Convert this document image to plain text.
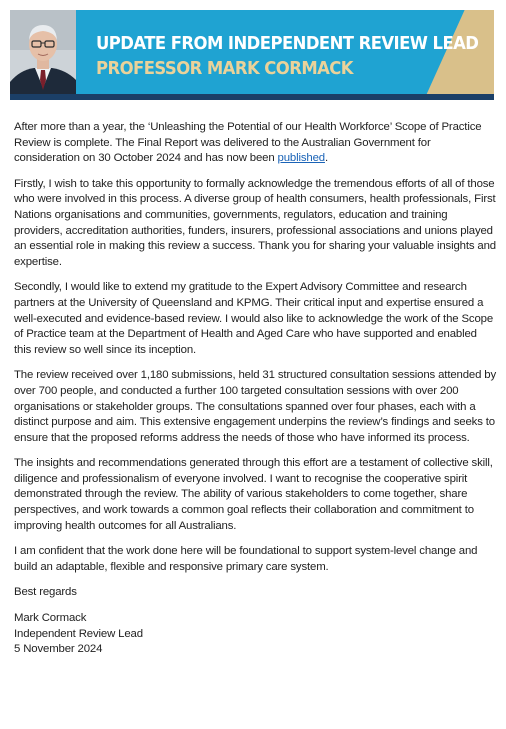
UPDATE FROM INDEPENDENT REVIEW LEAD
PROFESSOR MARK CORMACK

After more than a year, the ‘Unleashing the Potential of our Health Workforce’ Scope of Practice Review is complete. The Final Report was delivered to the Australian Government for consideration on 30 October 2024 and has now been published.

Firstly, I wish to take this opportunity to formally acknowledge the tremendous efforts of all of those who were involved in this process. A diverse group of health consumers, health professionals, First Nations organisations and communities, governments, regulators, education and training providers, accreditation authorities, funders, insurers, professional associations and unions played an essential role in making this review a success. Thank you for sharing your valuable insights and expertise.

Secondly, I would like to extend my gratitude to the Expert Advisory Committee and research partners at the University of Queensland and KPMG. Their critical input and expertise ensured a well-executed and evidence-based review. I would also like to acknowledge the work of the Scope of Practice team at the Department of Health and Aged Care who have supported and enabled this review so well since its inception.

The review received over 1,180 submissions, held 31 structured consultation sessions attended by over 700 people, and conducted a further 100 targeted consultation sessions with over 200 organisations or stakeholder groups. The consultations spanned over four phases, each with a distinct purpose and aim. This extensive engagement underpins the review’s findings and seeks to ensure that the proposed reforms address the needs of those who have informed its process.

The insights and recommendations generated through this effort are a testament of collective skill, diligence and professionalism of everyone involved. I want to recognise the cooperative spirit demonstrated through the review. The ability of various stakeholders to come together, share perspectives, and work towards a common goal reflects their collaboration and commitment to improving health outcomes for all Australians.

I am confident that the work done here will be foundational to support system-level change and build an adaptable, flexible and responsive primary care system.

Best regards

Mark Cormack

Independent Review Lead

5 November 2024
